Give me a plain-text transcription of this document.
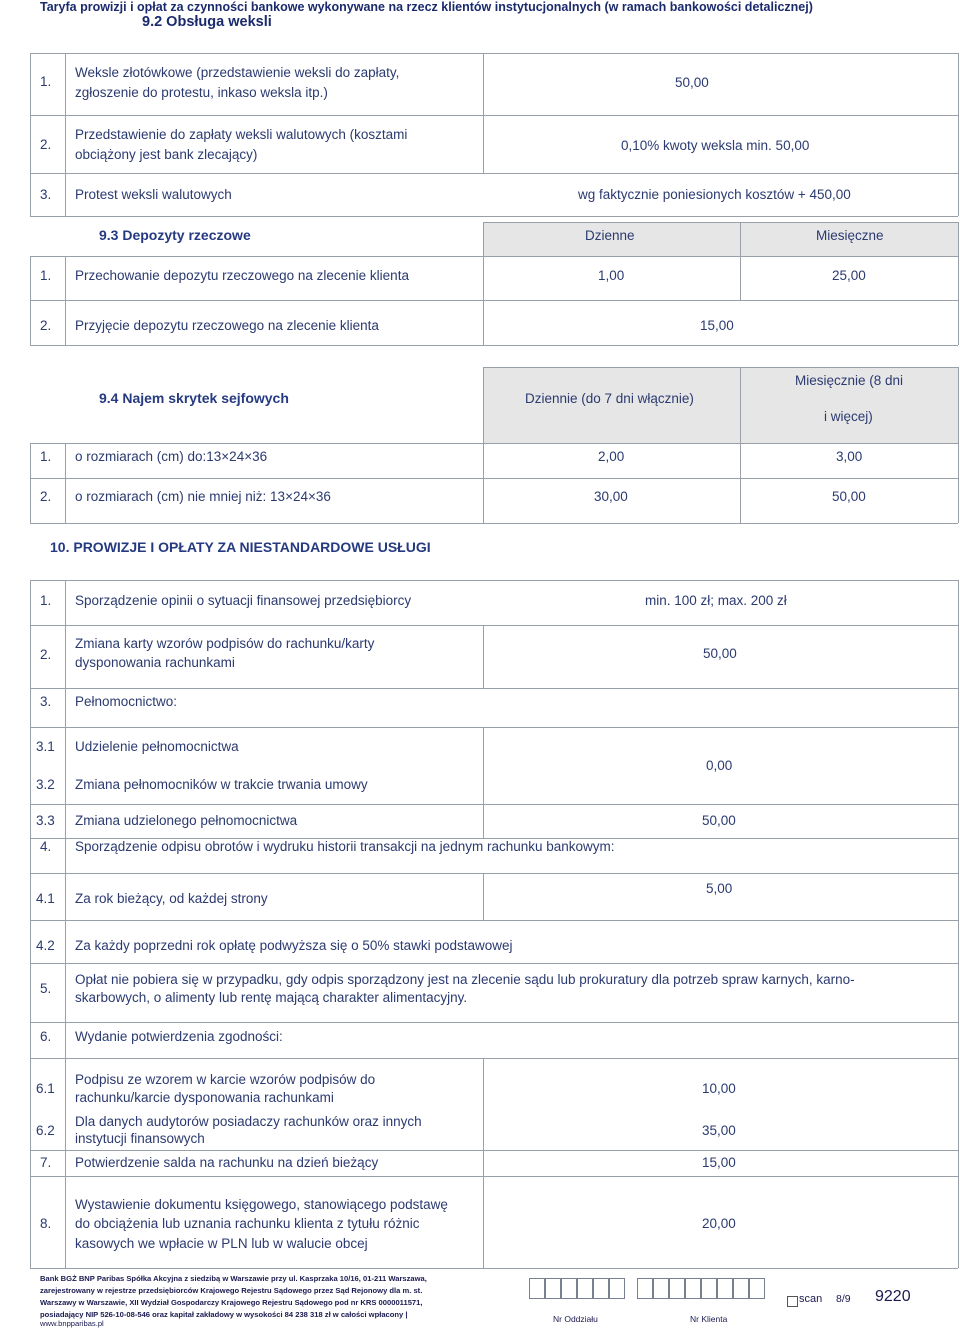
Taryfa prowizji i opłat za czynności bankowe wykonywane na rzecz klientów instytucjonalnych (w ramach bankowości detalicznej)
9.2 Obsługa weksli
1.
Weksle złotówkowe (przedstawienie weksli do zapłaty,
zgłoszenie do protestu, inkaso weksla itp.)
50,00
2.
Przedstawienie do zapłaty weksli walutowych (kosztami
obciążony jest bank zlecający)
0,10% kwoty weksla min. 50,00
3. Protest weksli walutowych	wg faktycznie poniesionych kosztów + 450,00
9.3 Depozyty rzeczowe	Dzienne	Miesięczne
1. Przechowanie depozytu rzeczowego na zlecenie klienta	1,00	25,00
2. Przyjęcie depozytu rzeczowego na zlecenie klienta	15,00
9.4 Najem skrytek sejfowych	Dziennie (do 7 dni włącznie)
Miesięcznie (8 dni
i więcej)
1. o rozmiarach (cm) do:13×24×36	2,00	3,00
2. o rozmiarach (cm) nie mniej niż: 13×24×36	30,00	50,00
10. PROWIZJE I OPŁATY ZA NIESTANDARDOWE USŁUGI
1. Sporządzenie opinii o sytuacji finansowej przedsiębiorcy	min. 100 zł; max. 200 zł
2.
Zmiana karty wzorów podpisów do rachunku/karty
dysponowania rachunkami
50,00
3. Pełnomocnictwo:
3.1 Udzielenie pełnomocnictwa
3.2 Zmiana pełnomocników w trakcie trwania umowy
0,00
3.3 Zmiana udzielonego pełnomocnictwa	50,00
4. Sporządzenie odpisu obrotów i wydruku historii transakcji na jednym rachunku bankowym:
4.1 Za rok bieżący, od każdej strony
5,00
4.2 Za każdy poprzedni rok opłatę podwyższa się o 50% stawki podstawowej
5.
Opłat nie pobiera się w przypadku, gdy odpis sporządzony jest na zlecenie sądu lub prokuratury dla potrzeb spraw karnych, karno-
skarbowych, o alimenty lub rentę mającą charakter alimentacyjny.
6. Wydanie potwierdzenia zgodności:
6.1
Podpisu ze wzorem w karcie wzorów podpisów do
rachunku/karcie dysponowania rachunkami
10,00
6.2
Dla danych audytorów posiadaczy rachunków oraz innych
instytucji finansowych
35,00
7. Potwierdzenie salda na rachunku na dzień bieżący	15,00
8.
Wystawienie dokumentu księgowego, stanowiącego podstawę
do obciążenia lub uznania rachunku klienta z tytułu różnic
kasowych we wpłacie w PLN lub w walucie obcej
20,00
Bank BGŻ BNP Paribas Spółka Akcyjna z siedzibą w Warszawie przy ul. Kasprzaka 10/16, 01-211 Warszawa,
zarejestrowany w rejestrze przedsiębiorców Krajowego Rejestru Sądowego przez Sąd Rejonowy dla m. st.
Warszawy w Warszawie, XII Wydział Gospodarczy Krajowego Rejestru Sądowego pod nr KRS 0000011571,
posiadający NIP 526-10-08-546 oraz kapitał zakładowy w wysokości 84 238 318 zł w całości wpłacony |
www.bnpparibas.pl	Nr Oddziału	Nr Klienta
scan 8/9 9220
